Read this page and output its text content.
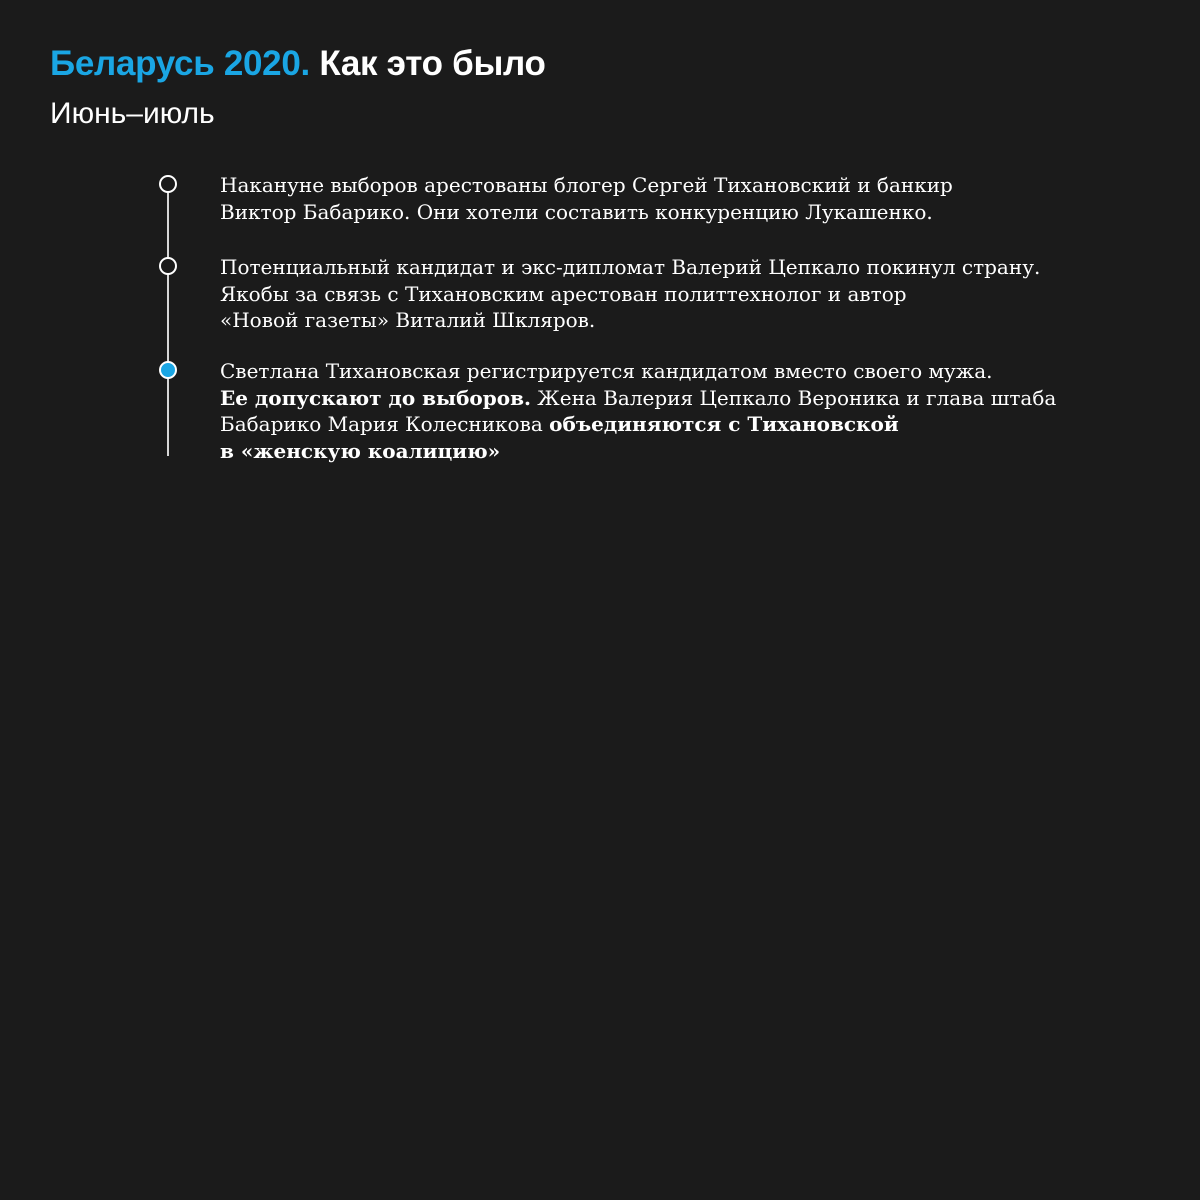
Беларусь 2020. Как это было
Июнь–июль
Накануне выборов арестованы блогер Сергей Тихановский и банкир
Виктор Бабарико. Они хотели составить конкуренцию Лукашенко.
Потенциальный кандидат и экс-дипломат Валерий Цепкало покинул страну.
Якобы за связь с Тихановским арестован политтехнолог и автор
«Новой газеты» Виталий Шкляров.
Светлана Тихановская регистрируется кандидатом вместо своего мужа.
Ее допускают до выборов. Жена Валерия Цепкало Вероника и глава штаба
Бабарико Мария Колесникова объединяются с Тихановской
в «женскую коалицию»
